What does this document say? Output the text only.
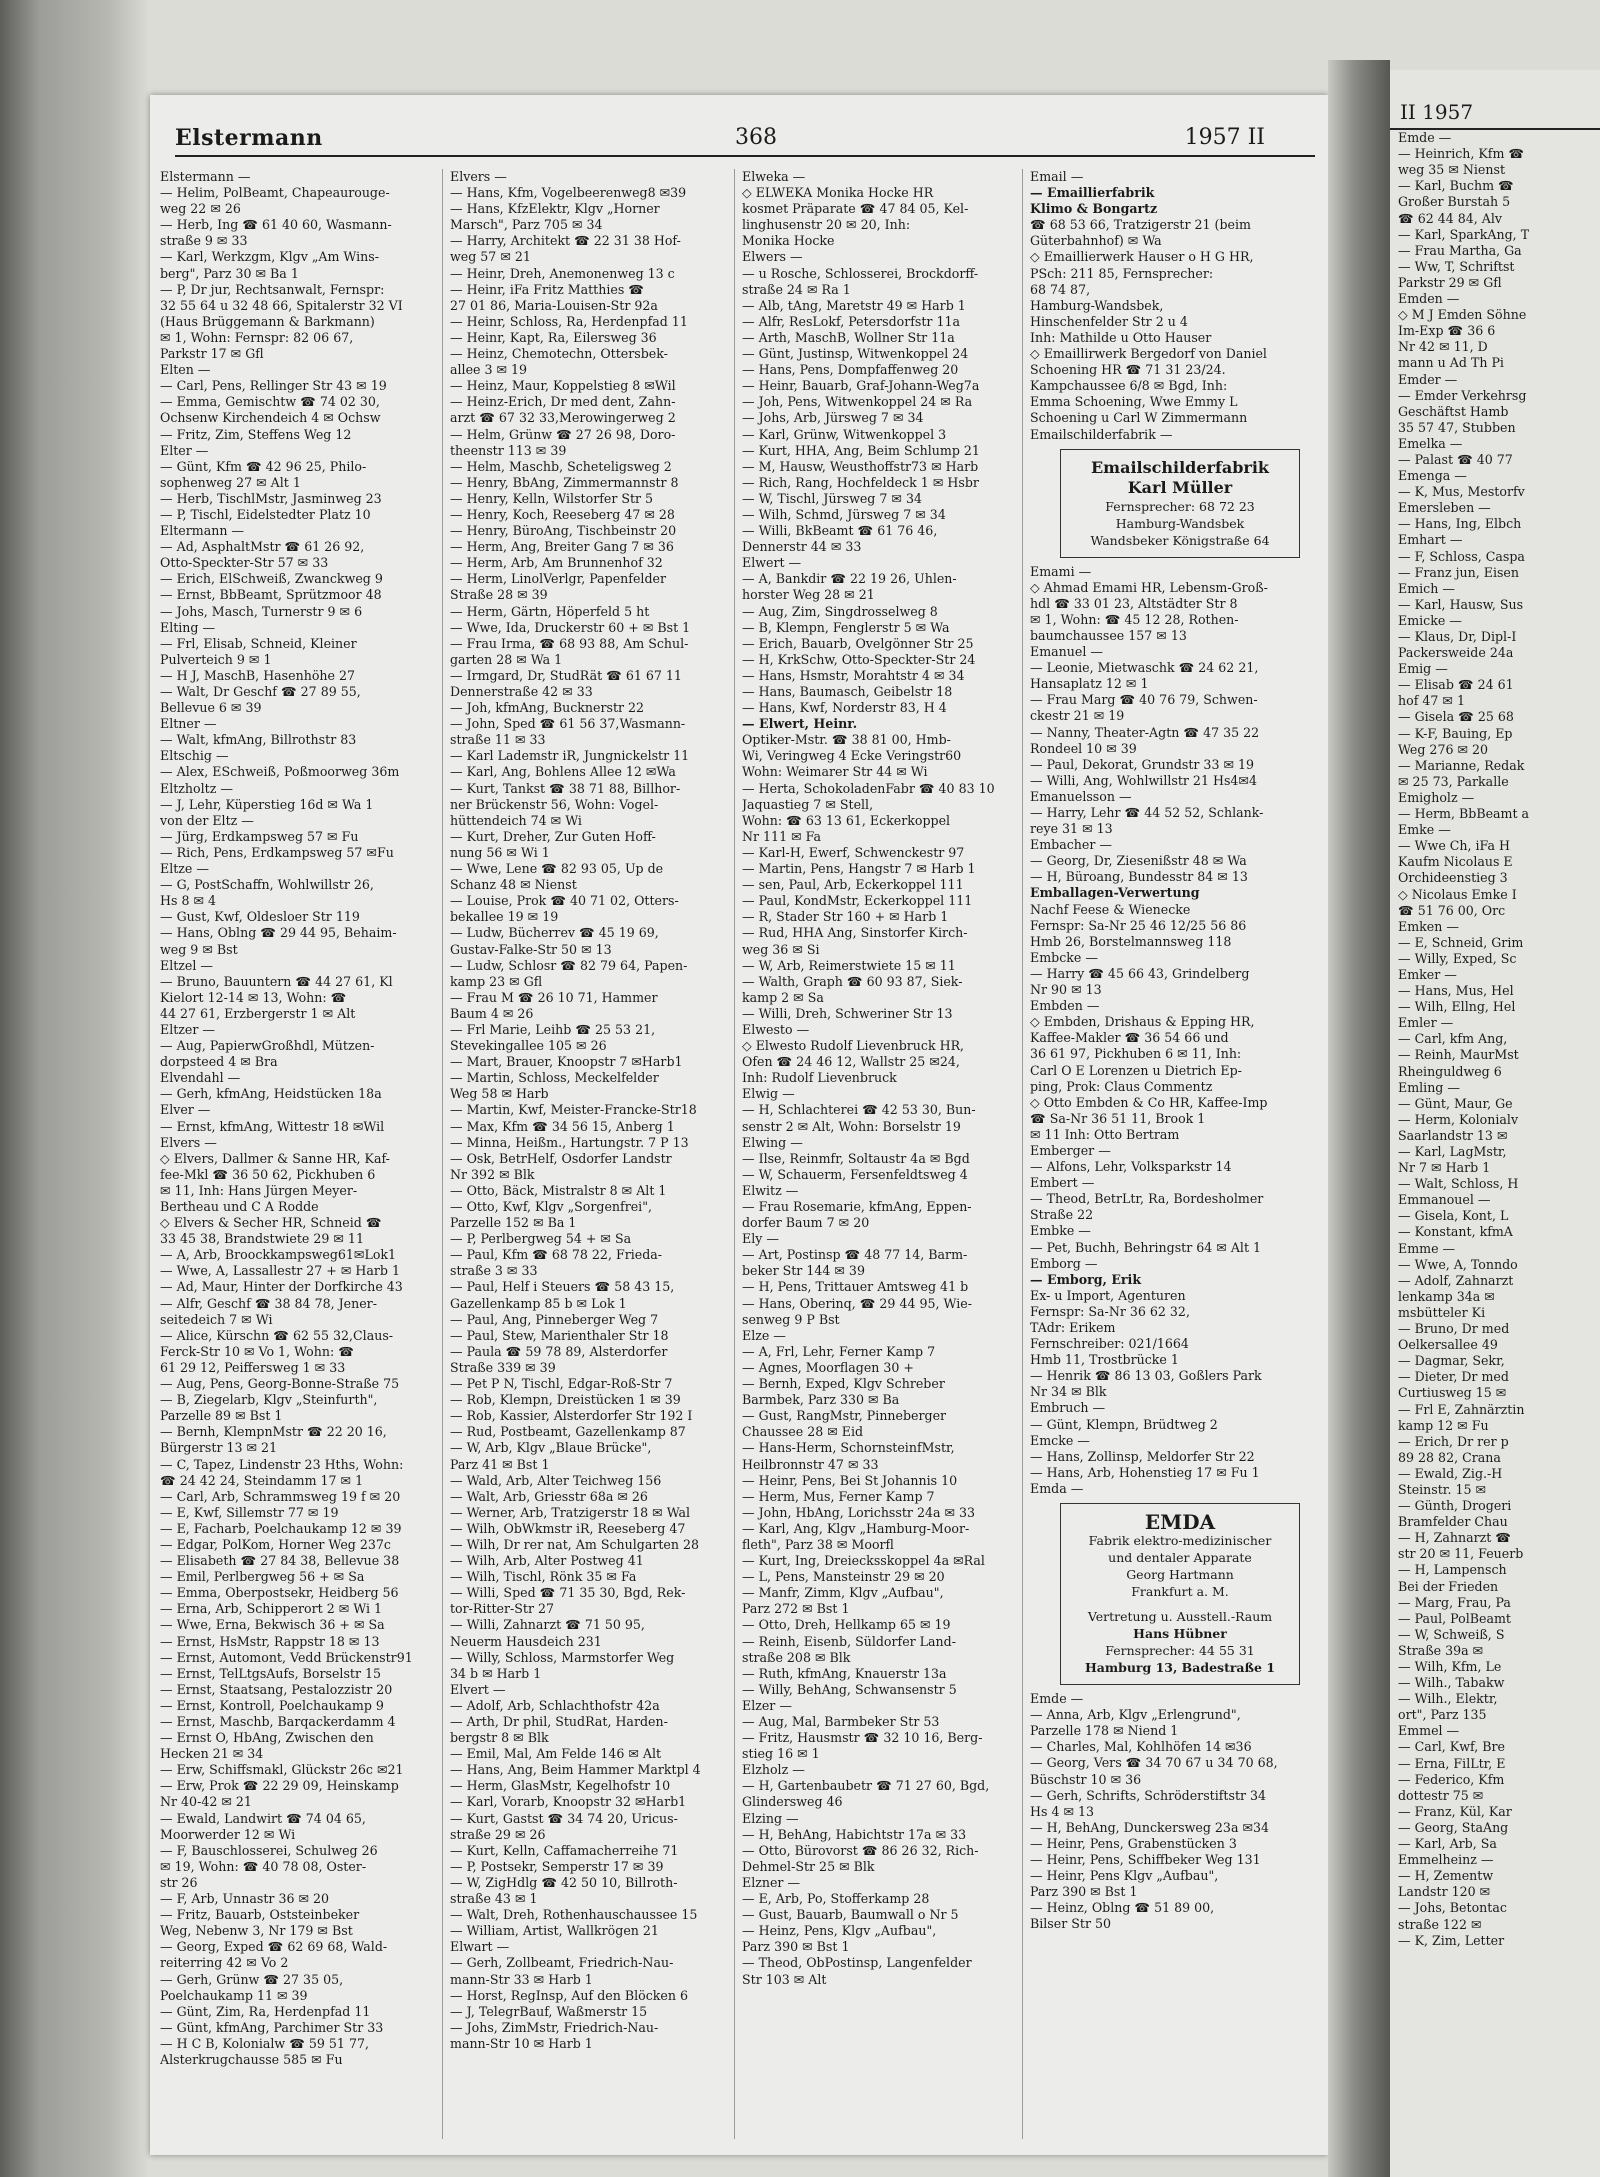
Elstermann	368	1957 II
Elstermann —
— Helim, PolBeamt, Chapeaurouge-
weg 22 ✉ 26
— Herb, Ing ☎ 61 40 60, Wasmann-
straße 9 ✉ 33
— Karl, Werkzgm, Klgv „Am Wins-
berg", Parz 30 ✉ Ba 1
— P, Dr jur, Rechtsanwalt, Fernspr:
32 55 64 u 32 48 66, Spitalerstr 32 VI
(Haus Brüggemann & Barkmann)
✉ 1, Wohn: Fernspr: 82 06 67,
Parkstr 17 ✉ Gfl
Elten —
— Carl, Pens, Rellinger Str 43 ✉ 19
— Emma, Gemischtw ☎ 74 02 30,
Ochsenw Kirchendeich 4 ✉ Ochsw
— Fritz, Zim, Steffens Weg 12
Elter —
— Günt, Kfm ☎ 42 96 25, Philo-
sophenweg 27 ✉ Alt 1
— Herb, TischlMstr, Jasminweg 23
— P, Tischl, Eidelstedter Platz 10
Eltermann —
— Ad, AsphaltMstr ☎ 61 26 92,
Otto-Speckter-Str 57 ✉ 33
— Erich, ElSchweiß, Zwanckweg 9
— Ernst, BbBeamt, Sprützmoor 48
— Johs, Masch, Turnerstr 9 ✉ 6
Elting —
— Frl, Elisab, Schneid, Kleiner
Pulverteich 9 ✉ 1
— H J, MaschB, Hasenhöhe 27
— Walt, Dr Geschf ☎ 27 89 55,
Bellevue 6 ✉ 39
Eltner —
— Walt, kfmAng, Billrothstr 83
Eltschig —
— Alex, ESchweiß, Poßmoorweg 36m
Eltzholtz —
— J, Lehr, Küperstieg 16d ✉ Wa 1
von der Eltz —
— Jürg, Erdkampsweg 57 ✉ Fu
— Rich, Pens, Erdkampsweg 57 ✉Fu
Eltze —
— G, PostSchaffn, Wohlwillstr 26,
Hs 8 ✉ 4
— Gust, Kwf, Oldesloer Str 119
— Hans, Oblng ☎ 29 44 95, Behaim-
weg 9 ✉ Bst
Eltzel —
— Bruno, Bauuntern ☎ 44 27 61, Kl
Kielort 12-14 ✉ 13, Wohn: ☎
44 27 61, Erzbergerstr 1 ✉ Alt
Eltzer —
— Aug, PapierwGroßhdl, Mützen-
dorpsteed 4 ✉ Bra
Elvendahl —
— Gerh, kfmAng, Heidstücken 18a
Elver —
— Ernst, kfmAng, Wittestr 18 ✉Wil
Elvers —
◇ Elvers, Dallmer & Sanne HR, Kaf-
fee-Mkl ☎ 36 50 62, Pickhuben 6
✉ 11, Inh: Hans Jürgen Meyer-
Bertheau und C A Rodde
◇ Elvers & Secher HR, Schneid ☎
33 45 38, Brandstwiete 29 ✉ 11
— A, Arb, Broockkampsweg61✉Lok1
— Wwe, A, Lassallestr 27 + ✉ Harb 1
— Ad, Maur, Hinter der Dorfkirche 43
— Alfr, Geschf ☎ 38 84 78, Jener-
seitedeich 7 ✉ Wi
— Alice, Kürschn ☎ 62 55 32,Claus-
Ferck-Str 10 ✉ Vo 1, Wohn: ☎
61 29 12, Peiffersweg 1 ✉ 33
— Aug, Pens, Georg-Bonne-Straße 75
— B, Ziegelarb, Klgv „Steinfurth",
Parzelle 89 ✉ Bst 1
— Bernh, KlempnMstr ☎ 22 20 16,
Bürgerstr 13 ✉ 21
— C, Tapez, Lindenstr 23 Hths, Wohn:
☎ 24 42 24, Steindamm 17 ✉ 1
— Carl, Arb, Schrammsweg 19 f ✉ 20
— E, Kwf, Sillemstr 77 ✉ 19
— E, Facharb, Poelchaukamp 12 ✉ 39
— Edgar, PolKom, Horner Weg 237c
— Elisabeth ☎ 27 84 38, Bellevue 38
— Emil, Perlbergweg 56 + ✉ Sa
— Emma, Oberpostsekr, Heidberg 56
— Erna, Arb, Schipperort 2 ✉ Wi 1
— Wwe, Erna, Bekwisch 36 + ✉ Sa
— Ernst, HsMstr, Rappstr 18 ✉ 13
— Ernst, Automont, Vedd Brückenstr91
— Ernst, TelLtgsAufs, Borselstr 15
— Ernst, Staatsang, Pestalozzistr 20
— Ernst, Kontroll, Poelchaukamp 9
— Ernst, Maschb, Barqackerdamm 4
— Ernst O, HbAng, Zwischen den
Hecken 21 ✉ 34
— Erw, Schiffsmakl, Glückstr 26c ✉21
— Erw, Prok ☎ 22 29 09, Heinskamp
Nr 40-42 ✉ 21
— Ewald, Landwirt ☎ 74 04 65,
Moorwerder 12 ✉ Wi
— F, Bauschlosserei, Schulweg 26
✉ 19, Wohn: ☎ 40 78 08, Oster-
str 26
— F, Arb, Unnastr 36 ✉ 20
— Fritz, Bauarb, Oststeinbeker
Weg, Nebenw 3, Nr 179 ✉ Bst
— Georg, Exped ☎ 62 69 68, Wald-
reiterring 42 ✉ Vo 2
— Gerh, Grünw ☎ 27 35 05,
Poelchaukamp 11 ✉ 39
— Günt, Zim, Ra, Herdenpfad 11
— Günt, kfmAng, Parchimer Str 33
— H C B, Kolonialw ☎ 59 51 77,
Alsterkrugchausse 585 ✉ Fu
Elvers —
— Hans, Kfm, Vogelbeerenweg8 ✉39
— Hans, KfzElektr, Klgv „Horner
Marsch", Parz 705 ✉ 34
— Harry, Architekt ☎ 22 31 38 Hof-
weg 57 ✉ 21
— Heinr, Dreh, Anemonenweg 13 c
— Heinr, iFa Fritz Matthies ☎
27 01 86, Maria-Louisen-Str 92a
— Heinr, Schloss, Ra, Herdenpfad 11
— Heinr, Kapt, Ra, Eilersweg 36
— Heinz, Chemotechn, Ottersbek-
allee 3 ✉ 19
— Heinz, Maur, Koppelstieg 8 ✉Wil
— Heinz-Erich, Dr med dent, Zahn-
arzt ☎ 67 32 33,Merowingerweg 2
— Helm, Grünw ☎ 27 26 98, Doro-
theenstr 113 ✉ 39
— Helm, Maschb, Scheteligsweg 2
— Henry, BbAng, Zimmermannstr 8
— Henry, Kelln, Wilstorfer Str 5
— Henry, Koch, Reeseberg 47 ✉ 28
— Henry, BüroAng, Tischbeinstr 20
— Herm, Ang, Breiter Gang 7 ✉ 36
— Herm, Arb, Am Brunnenhof 32
— Herm, LinolVerlgr, Papenfelder
Straße 28 ✉ 39
— Herm, Gärtn, Höperfeld 5 ht
— Wwe, Ida, Druckerstr 60 + ✉ Bst 1
— Frau Irma, ☎ 68 93 88, Am Schul-
garten 28 ✉ Wa 1
— Irmgard, Dr, StudRät ☎ 61 67 11
Dennerstraße 42 ✉ 33
— Joh, kfmAng, Bucknerstr 22
— John, Sped ☎ 61 56 37,Wasmann-
straße 11 ✉ 33
— Karl Lademstr iR, Jungnickelstr 11
— Karl, Ang, Bohlens Allee 12 ✉Wa
— Kurt, Tankst ☎ 38 71 88, Billhor-
ner Brückenstr 56, Wohn: Vogel-
hüttendeich 74 ✉ Wi
— Kurt, Dreher, Zur Guten Hoff-
nung 56 ✉ Wi 1
— Wwe, Lene ☎ 82 93 05, Up de
Schanz 48 ✉ Nienst
— Louise, Prok ☎ 40 71 02, Otters-
bekallee 19 ✉ 19
— Ludw, Bücherrev ☎ 45 19 69,
Gustav-Falke-Str 50 ✉ 13
— Ludw, Schlosr ☎ 82 79 64, Papen-
kamp 23 ✉ Gfl
— Frau M ☎ 26 10 71, Hammer
Baum 4 ✉ 26
— Frl Marie, Leihb ☎ 25 53 21,
Stevekingallee 105 ✉ 26
— Mart, Brauer, Knoopstr 7 ✉Harb1
— Martin, Schloss, Meckelfelder
Weg 58 ✉ Harb
— Martin, Kwf, Meister-Francke-Str18
— Max, Kfm ☎ 34 56 15, Anberg 1
— Minna, Heißm., Hartungstr. 7 P 13
— Osk, BetrHelf, Osdorfer Landstr
Nr 392 ✉ Blk
— Otto, Bäck, Mistralstr 8 ✉ Alt 1
— Otto, Kwf, Klgv „Sorgenfrei",
Parzelle 152 ✉ Ba 1
— P, Perlbergweg 54 + ✉ Sa
— Paul, Kfm ☎ 68 78 22, Frieda-
straße 3 ✉ 33
— Paul, Helf i Steuers ☎ 58 43 15,
Gazellenkamp 85 b ✉ Lok 1
— Paul, Ang, Pinneberger Weg 7
— Paul, Stew, Marienthaler Str 18
— Paula ☎ 59 78 89, Alsterdorfer
Straße 339 ✉ 39
— Pet P N, Tischl, Edgar-Roß-Str 7
— Rob, Klempn, Dreistücken 1 ✉ 39
— Rob, Kassier, Alsterdorfer Str 192 I
— Rud, Postbeamt, Gazellenkamp 87
— W, Arb, Klgv „Blaue Brücke",
Parz 41 ✉ Bst 1
— Wald, Arb, Alter Teichweg 156
— Walt, Arb, Griesstr 68a ✉ 26
— Werner, Arb, Tratzigerstr 18 ✉ Wal
— Wilh, ObWkmstr iR, Reeseberg 47
— Wilh, Dr rer nat, Am Schulgarten 28
— Wilh, Arb, Alter Postweg 41
— Wilh, Tischl, Rönk 35 ✉ Fa
— Willi, Sped ☎ 71 35 30, Bgd, Rek-
tor-Ritter-Str 27
— Willi, Zahnarzt ☎ 71 50 95,
Neuerm Hausdeich 231
— Willy, Schloss, Marmstorfer Weg
34 b ✉ Harb 1
Elvert —
— Adolf, Arb, Schlachthofstr 42a
— Arth, Dr phil, StudRat, Harden-
bergstr 8 ✉ Blk
— Emil, Mal, Am Felde 146 ✉ Alt
— Hans, Ang, Beim Hammer Marktpl 4
— Herm, GlasMstr, Kegelhofstr 10
— Karl, Vorarb, Knoopstr 32 ✉Harb1
— Kurt, Gastst ☎ 34 74 20, Uricus-
straße 29 ✉ 26
— Kurt, Kelln, Caffamacherreihe 71
— P, Postsekr, Semperstr 17 ✉ 39
— W, ZigHdlg ☎ 42 50 10, Billroth-
straße 43 ✉ 1
— Walt, Dreh, Rothenhauschaussee 15
— William, Artist, Wallkrögen 21
Elwart —
— Gerh, Zollbeamt, Friedrich-Nau-
mann-Str 33 ✉ Harb 1
— Horst, RegInsp, Auf den Blöcken 6
— J, TelegrBauf, Waßmerstr 15
— Johs, ZimMstr, Friedrich-Nau-
mann-Str 10 ✉ Harb 1
Elweka —
◇ ELWEKA Monika Hocke HR
kosmet Präparate ☎ 47 84 05, Kel-
linghusenstr 20 ✉ 20, Inh:
Monika Hocke
Elwers —
— u Rosche, Schlosserei, Brockdorff-
straße 24 ✉ Ra 1
— Alb, tAng, Maretstr 49 ✉ Harb 1
— Alfr, ResLokf, Petersdorfstr 11a
— Arth, MaschB, Wollner Str 11a
— Günt, Justinsp, Witwenkoppel 24
— Hans, Pens, Dompfaffenweg 20
— Heinr, Bauarb, Graf-Johann-Weg7a
— Joh, Pens, Witwenkoppel 24 ✉ Ra
— Johs, Arb, Jürsweg 7 ✉ 34
— Karl, Grünw, Witwenkoppel 3
— Kurt, HHA, Ang, Beim Schlump 21
— M, Hausw, Weusthoffstr73 ✉ Harb
— Rich, Rang, Hochfeldeck 1 ✉ Hsbr
— W, Tischl, Jürsweg 7 ✉ 34
— Wilh, Schmd, Jürsweg 7 ✉ 34
— Willi, BkBeamt ☎ 61 76 46,
Dennerstr 44 ✉ 33
Elwert —
— A, Bankdir ☎ 22 19 26, Uhlen-
horster Weg 28 ✉ 21
— Aug, Zim, Singdrosselweg 8
— B, Klempn, Fenglerstr 5 ✉ Wa
— Erich, Bauarb, Ovelgönner Str 25
— H, KrkSchw, Otto-Speckter-Str 24
— Hans, Hsmstr, Morahtstr 4 ✉ 34
— Hans, Baumasch, Geibelstr 18
— Hans, Kwf, Norderstr 83, H 4
— Elwert, Heinr.
Optiker-Mstr. ☎ 38 81 00, Hmb-
Wi, Veringweg 4 Ecke Veringstr60
Wohn: Weimarer Str 44 ✉ Wi
— Herta, SchokoladenFabr ☎ 40 83 10
Jaquastieg 7 ✉ Stell,
Wohn: ☎ 63 13 61, Eckerkoppel
Nr 111 ✉ Fa
— Karl-H, Ewerf, Schwenckestr 97
— Martin, Pens, Hangstr 7 ✉ Harb 1
— sen, Paul, Arb, Eckerkoppel 111
— Paul, KondMstr, Eckerkoppel 111
— R, Stader Str 160 + ✉ Harb 1
— Rud, HHA Ang, Sinstorfer Kirch-
weg 36 ✉ Si
— W, Arb, Reimerstwiete 15 ✉ 11
— Walth, Graph ☎ 60 93 87, Siek-
kamp 2 ✉ Sa
— Willi, Dreh, Schweriner Str 13
Elwesto —
◇ Elwesto Rudolf Lievenbruck HR,
Ofen ☎ 24 46 12, Wallstr 25 ✉24,
Inh: Rudolf Lievenbruck
Elwig —
— H, Schlachterei ☎ 42 53 30, Bun-
senstr 2 ✉ Alt, Wohn: Borselstr 19
Elwing —
— Ilse, Reinmfr, Soltaustr 4a ✉ Bgd
— W, Schauerm, Fersenfeldtsweg 4
Elwitz —
— Frau Rosemarie, kfmAng, Eppen-
dorfer Baum 7 ✉ 20
Ely —
— Art, Postinsp ☎ 48 77 14, Barm-
beker Str 144 ✉ 39
— H, Pens, Trittauer Amtsweg 41 b
— Hans, Oberinq, ☎ 29 44 95, Wie-
senweg 9 P Bst
Elze —
— A, Frl, Lehr, Ferner Kamp 7
— Agnes, Moorflagen 30 +
— Bernh, Exped, Klgv Schreber
Barmbek, Parz 330 ✉ Ba
— Gust, RangMstr, Pinneberger
Chaussee 28 ✉ Eid
— Hans-Herm, SchornsteinfMstr,
Heilbronnstr 47 ✉ 33
— Heinr, Pens, Bei St Johannis 10
— Herm, Mus, Ferner Kamp 7
— John, HbAng, Lorichsstr 24a ✉ 33
— Karl, Ang, Klgv „Hamburg-Moor-
fleth", Parz 38 ✉ Moorfl
— Kurt, Ing, Dreiecksskoppel 4a ✉Ral
— L, Pens, Mansteinstr 29 ✉ 20
— Manfr, Zimm, Klgv „Aufbau",
Parz 272 ✉ Bst 1
— Otto, Dreh, Hellkamp 65 ✉ 19
— Reinh, Eisenb, Süldorfer Land-
straße 208 ✉ Blk
— Ruth, kfmAng, Knauerstr 13a
— Willy, BehAng, Schwansenstr 5
Elzer —
— Aug, Mal, Barmbeker Str 53
— Fritz, Hausmstr ☎ 32 10 16, Berg-
stieg 16 ✉ 1
Elzholz —
— H, Gartenbaubetr ☎ 71 27 60, Bgd,
Glindersweg 46
Elzing —
— H, BehAng, Habichtstr 17a ✉ 33
— Otto, Bürovorst ☎ 86 26 32, Rich-
Dehmel-Str 25 ✉ Blk
Elzner —
— E, Arb, Po, Stofferkamp 28
— Gust, Bauarb, Baumwall o Nr 5
— Heinz, Pens, Klgv „Aufbau",
Parz 390 ✉ Bst 1
— Theod, ObPostinsp, Langenfelder
Str 103 ✉ Alt
Email —
— Emaillierfabrik
Klimo & Bongartz
☎ 68 53 66, Tratzigerstr 21 (beim
Güterbahnhof) ✉ Wa
◇ Emaillierwerk Hauser o H G HR,
PSch: 211 85, Fernsprecher:
68 74 87,
Hamburg-Wandsbek,
Hinschenfelder Str 2 u 4
Inh: Mathilde u Otto Hauser
◇ Emaillirwerk Bergedorf von Daniel
Schoening HR ☎ 71 31 23/24.
Kampchaussee 6/8 ✉ Bgd, Inh:
Emma Schoening, Wwe Emmy L
Schoening u Carl W Zimmermann
Emailschilderfabrik —
Emailschilderfabrik
Karl Müller
Fernsprecher: 68 72 23
Hamburg-Wandsbek
Wandsbeker Königstraße 64
Emami —
◇ Ahmad Emami HR, Lebensm-Groß-
hdl ☎ 33 01 23, Altstädter Str 8
✉ 1, Wohn: ☎ 45 12 28, Rothen-
baumchaussee 157 ✉ 13
Emanuel —
— Leonie, Mietwaschk ☎ 24 62 21,
Hansaplatz 12 ✉ 1
— Frau Marg ☎ 40 76 79, Schwen-
ckestr 21 ✉ 19
— Nanny, Theater-Agtn ☎ 47 35 22
Rondeel 10 ✉ 39
— Paul, Dekorat, Grundstr 33 ✉ 19
— Willi, Ang, Wohlwillstr 21 Hs4✉4
Emanuelsson —
— Harry, Lehr ☎ 44 52 52, Schlank-
reye 31 ✉ 13
Embacher —
— Georg, Dr, Ziesenißstr 48 ✉ Wa
— H, Büroang, Bundesstr 84 ✉ 13
Emballagen-Verwertung
Nachf Feese & Wienecke
Fernspr: Sa-Nr 25 46 12/25 56 86
Hmb 26, Borstelmannsweg 118
Embcke —
— Harry ☎ 45 66 43, Grindelberg
Nr 90 ✉ 13
Embden —
◇ Embden, Drishaus & Epping HR,
Kaffee-Makler ☎ 36 54 66 und
36 61 97, Pickhuben 6 ✉ 11, Inh:
Carl O E Lorenzen u Dietrich Ep-
ping, Prok: Claus Commentz
◇ Otto Embden & Co HR, Kaffee-Imp
☎ Sa-Nr 36 51 11, Brook 1
✉ 11 Inh: Otto Bertram
Emberger —
— Alfons, Lehr, Volksparkstr 14
Embert —
— Theod, BetrLtr, Ra, Bordesholmer
Straße 22
Embke —
— Pet, Buchh, Behringstr 64 ✉ Alt 1
Emborg —
— Emborg, Erik
Ex- u Import, Agenturen
Fernspr: Sa-Nr 36 62 32,
TAdr: Erikem
Fernschreiber: 021/1664
Hmb 11, Trostbrücke 1
— Henrik ☎ 86 13 03, Goßlers Park
Nr 34 ✉ Blk
Embruch —
— Günt, Klempn, Brüdtweg 2
Emcke —
— Hans, Zollinsp, Meldorfer Str 22
— Hans, Arb, Hohenstieg 17 ✉ Fu 1
Emda —
EMDA
Fabrik elektro-medizinischer
und dentaler Apparate
Georg Hartmann
Frankfurt a. M.
Vertretung u. Ausstell.-Raum
Hans Hübner
Fernsprecher: 44 55 31
Hamburg 13, Badestraße 1
Emde —
— Anna, Arb, Klgv „Erlengrund",
Parzelle 178 ✉ Niend 1
— Charles, Mal, Kohlhöfen 14 ✉36
— Georg, Vers ☎ 34 70 67 u 34 70 68,
Büschstr 10 ✉ 36
— Gerh, Schrifts, Schröderstiftstr 34
Hs 4 ✉ 13
— H, BehAng, Dunckersweg 23a ✉34
— Heinr, Pens, Grabenstücken 3
— Heinr, Pens, Schiffbeker Weg 131
— Heinr, Pens Klgv „Aufbau",
Parz 390 ✉ Bst 1
— Heinz, Oblng ☎ 51 89 00,
Bilser Str 50
II 1957
Emde —
— Heinrich, Kfm ☎
weg 35 ✉ Nienst
— Karl, Buchm ☎
Großer Burstah 5
☎ 62 44 84, Alv
— Karl, SparkAng, T
— Frau Martha, Ga
— Ww, T, Schriftst
Parkstr 29 ✉ Gfl
Emden —
◇ M J Emden Söhne
Im-Exp ☎ 36 6
Nr 42 ✉ 11, D
mann u Ad Th Pi
Emder —
— Emder Verkehrsg
Geschäftst Hamb
35 57 47, Stubben
Emelka —
— Palast ☎ 40 77
Emenga —
— K, Mus, Mestorfv
Emersleben —
— Hans, Ing, Elbch
Emhart —
— F, Schloss, Caspa
— Franz jun, Eisen
Emich —
— Karl, Hausw, Sus
Emicke —
— Klaus, Dr, Dipl-I
Packersweide 24a
Emig —
— Elisab ☎ 24 61
hof 47 ✉ 1
— Gisela ☎ 25 68
— K-F, Bauing, Ep
Weg 276 ✉ 20
— Marianne, Redak
✉ 25 73, Parkalle
Emigholz —
— Herm, BbBeamt a
Emke —
— Wwe Ch, iFa H
Kaufm Nicolaus E
Orchideenstieg 3
◇ Nicolaus Emke I
☎ 51 76 00, Orc
Emken —
— E, Schneid, Grim
— Willy, Exped, Sc
Emker —
— Hans, Mus, Hel
— Wilh, Ellng, Hel
Emler —
— Carl, kfm Ang,
— Reinh, MaurMst
Rheinguldweg 6
Emling —
— Günt, Maur, Ge
— Herm, Kolonialv
Saarlandstr 13 ✉
— Karl, LagMstr,
Nr 7 ✉ Harb 1
— Walt, Schloss, H
Emmanouel —
— Gisela, Kont, L
— Konstant, kfmA
Emme —
— Wwe, A, Tonndo
— Adolf, Zahnarzt
lenkamp 34a ✉
msbütteler Ki
— Bruno, Dr med
Oelkersallee 49
— Dagmar, Sekr,
— Dieter, Dr med
Curtiusweg 15 ✉
— Frl E, Zahnärztin
kamp 12 ✉ Fu
— Erich, Dr rer p
89 28 82, Crana
— Ewald, Zig.-H
Steinstr. 15 ✉
— Günth, Drogeri
Bramfelder Chau
— H, Zahnarzt ☎
str 20 ✉ 11, Feuerb
— H, Lampensch
Bei der Frieden
— Marg, Frau, Pa
— Paul, PolBeamt
— W, Schweiß, S
Straße 39a ✉
— Wilh, Kfm, Le
— Wilh., Tabakw
— Wilh., Elektr,
ort", Parz 135
Emmel —
— Carl, Kwf, Bre
— Erna, FilLtr, E
— Federico, Kfm
dottestr 75 ✉
— Franz, Kül, Kar
— Georg, StaAng
— Karl, Arb, Sa
Emmelheinz —
— H, Zementw
Landstr 120 ✉
— Johs, Betontac
straße 122 ✉
— K, Zim, Letter
